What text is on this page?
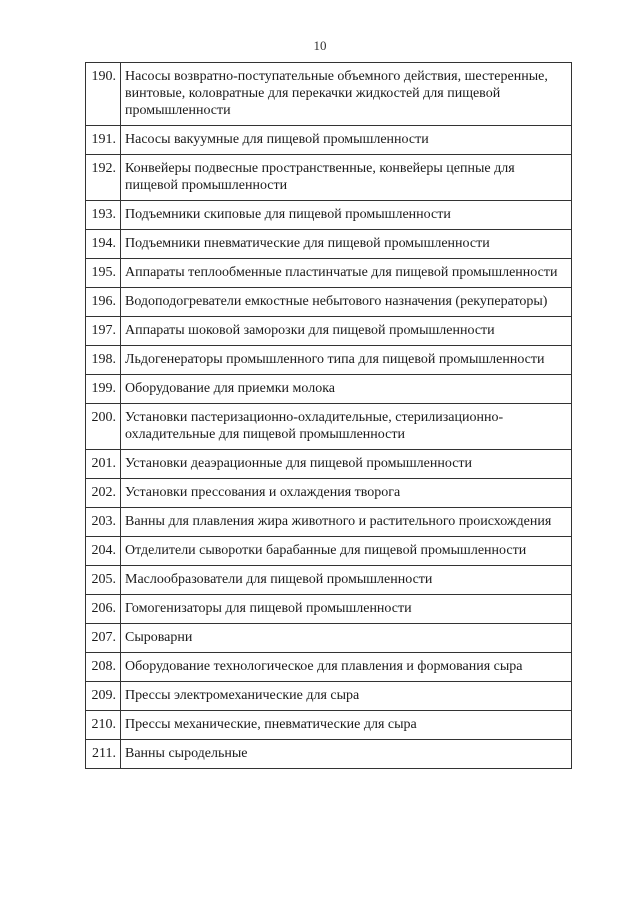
10
190.	Насосы возвратно-поступательные объемного действия, шестеренные, винтовые, коловратные для перекачки жидкостей для пищевой промышленности
191.	Насосы вакуумные для пищевой промышленности
192.	Конвейеры подвесные пространственные, конвейеры цепные для пищевой промышленности
193.	Подъемники скиповые для пищевой промышленности
194.	Подъемники пневматические для пищевой промышленности
195.	Аппараты теплообменные пластинчатые для пищевой промышленности
196.	Водоподогреватели емкостные небытового назначения (рекуператоры)
197.	Аппараты шоковой заморозки для пищевой промышленности
198.	Льдогенераторы промышленного типа для пищевой промышленности
199.	Оборудование для приемки молока
200.	Установки пастеризационно-охладительные, стерилизационно-охладительные для пищевой промышленности
201.	Установки деаэрационные для пищевой промышленности
202.	Установки прессования и охлаждения творога
203.	Ванны для плавления жира животного и растительного происхождения
204.	Отделители сыворотки барабанные для пищевой промышленности
205.	Маслообразователи для пищевой промышленности
206.	Гомогенизаторы для пищевой промышленности
207.	Сыроварни
208.	Оборудование технологическое для плавления и формования сыра
209.	Прессы электромеханические для сыра
210.	Прессы механические, пневматические для сыра
211.	Ванны сыродельные
